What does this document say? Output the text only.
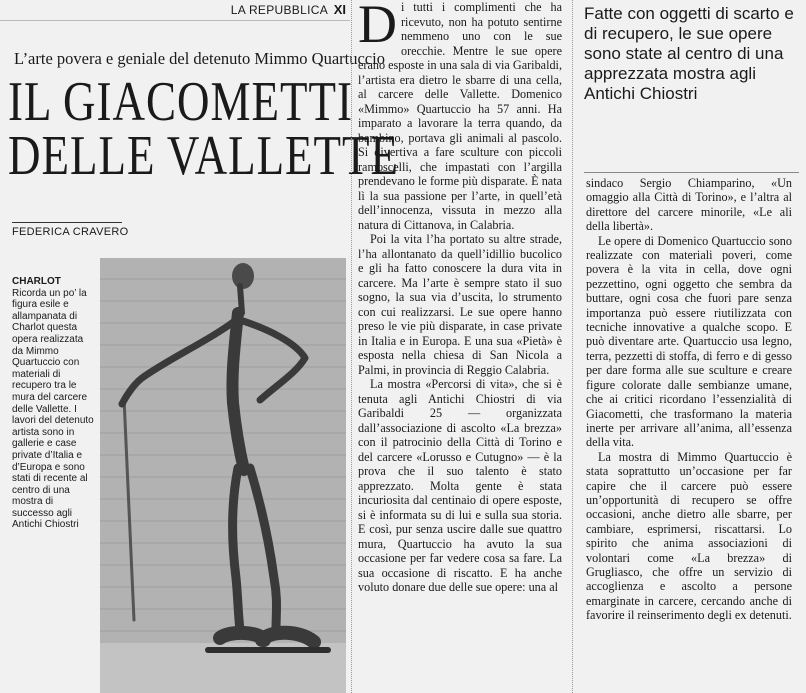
LA REPUBBLICA XI
L’arte povera e geniale del detenuto Mimmo Quartuccio
IL GIACOMETTI
DELLE VALLETTE
FEDERICA CRAVERO
CHARLOT
Ricorda un po’ la figura esile e allampanata di Charlot questa opera realizzata da Mimmo Quartuccio con materiali di recupero tra le mura del carcere delle Vallette. I lavori del detenuto artista sono in gallerie e case private d’Italia e d’Europa e sono stati di recente al centro di una mostra di successo agli Antichi Chiostri

Di tutti i complimenti che ha ricevuto, non ha potuto sentirne nemmeno uno con le sue orecchie. Mentre le sue opere erano esposte in una sala di via Garibaldi, l’artista era dietro le sbarre di una cella, al carcere delle Vallette. Domenico «Mimmo» Quartuccio ha 57 anni. Ha imparato a lavorare la terra quando, da bambino, portava gli animali al pascolo. Si divertiva a fare sculture con piccoli ramoscelli, che impastati con l’argilla prendevano le forme più disparate. È nata lì la sua passione per l’arte, in quell’età dell’innocenza, vissuta in mezzo alla natura di Cittanova, in Calabria.

Poi la vita l’ha portato su altre strade, l’ha allontanato da quell’idillio bucolico e gli ha fatto conoscere la dura vita in carcere. Ma l’arte è sempre stato il suo sogno, la sua via d’uscita, lo strumento con cui realizzarsi. Le sue opere hanno preso le vie più disparate, in case private in Italia e in Europa. E una sua «Pietà» è esposta nella chiesa di San Nicola a Palmi, in provincia di Reggio Calabria.

La mostra «Percorsi di vita», che si è tenuta agli Antichi Chiostri di via Garibaldi 25 — organizzata dall’associazione di ascolto «La brezza» con il patrocinio della Città di Torino e del carcere «Lorusso e Cutugno» — è la prova che il suo talento è stato apprezzato. Molta gente è stata incuriosita dal centinaio di opere esposte, si è informata su di lui e sulla sua storia. E così, pur senza uscire dalle sue quattro mura, Quartuccio ha avuto la sua occasione per far vedere cosa sa fare. La sua occasione di riscatto. E ha anche voluto donare due delle sue opere: una al

Fatte con oggetti di scarto e di recupero, le sue opere sono state al centro di una apprezzata mostra agli Antichi Chiostri

sindaco Sergio Chiamparino, «Un omaggio alla Città di Torino», e l’altra al direttore del carcere minorile, «Le ali della libertà».

Le opere di Domenico Quartuccio sono realizzate con materiali poveri, come povera è la vita in cella, dove ogni pezzettino, ogni oggetto che sembra da buttare, ogni cosa che fuori pare senza importanza può essere riutilizzata con tecniche innovative a qualche scopo. E può diventare arte. Quartuccio usa legno, terra, pezzetti di stoffa, di ferro e di gesso per dare forma alle sue sculture e creare figure colorate dalle sembianze umane, che ai critici ricordano l’essenzialità di Giacometti, che trasformano la materia inerte per arrivare all’anima, all’essenza della vita.

La mostra di Mimmo Quartuccio è stata soprattutto un’occasione per far capire che il carcere può essere un’opportunità di recupero se offre occasioni, anche dietro alle sbarre, per cambiare, esprimersi, riscattarsi. Lo spirito che anima associazioni di volontari come «La brezza» di Grugliasco, che offre un servizio di accoglienza e ascolto a persone emarginate in carcere, cercando anche di favorire il reinserimento degli ex detenuti.
